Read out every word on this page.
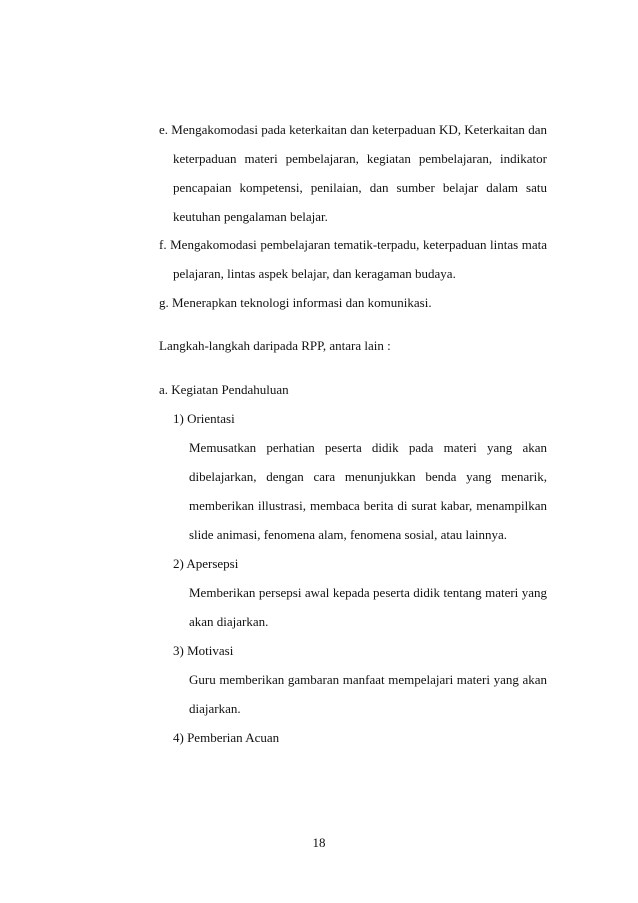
e. Mengakomodasi pada keterkaitan dan keterpaduan KD, Keterkaitan dan
keterpaduan materi pembelajaran, kegiatan pembelajaran, indikator
pencapaian kompetensi, penilaian, dan sumber belajar dalam satu
keutuhan pengalaman belajar.
f. Mengakomodasi pembelajaran tematik-terpadu, keterpaduan lintas mata
pelajaran, lintas aspek belajar, dan keragaman budaya.
g. Menerapkan teknologi informasi dan komunikasi.
Langkah-langkah daripada RPP, antara lain :
a. Kegiatan Pendahuluan
1) Orientasi
Memusatkan perhatian peserta didik pada materi yang akan
dibelajarkan, dengan cara menunjukkan benda yang menarik,
memberikan illustrasi, membaca berita di surat kabar, menampilkan
slide animasi, fenomena alam, fenomena sosial, atau lainnya.
2) Apersepsi
Memberikan persepsi awal kepada peserta didik tentang materi yang
akan diajarkan.
3) Motivasi
Guru memberikan gambaran manfaat mempelajari materi yang akan
diajarkan.
4) Pemberian Acuan
18
